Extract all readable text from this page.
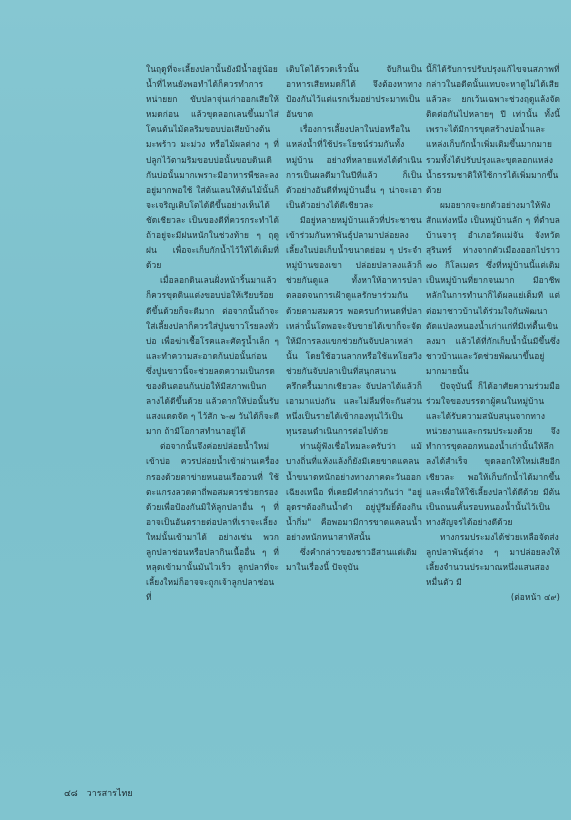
ในฤดูที่จะเลี้ยงปลานั้นยังมีน้ำอยู่น้อย น้ำที่ไหนยังพอทำได้ก็ควรทำการหน่ายยก ขับปลาจุ่นเก่าออกเสียให้หมดก่อน แล้วขุดลอกเลนขึ้นมาไส่โคนต้นไม้ตลริมขอบบ่อเสียบ้างต้นมะพร้าว มะม่วง หรือไม้ผลต่าง ๆ ที่ปลูกไว้ตามริมขอบบ่อนั้นขอบดินเดิกันบ่อนั้นมากเพราะมีอาหารพืชละลงอยู่มากพอใช้ ใส่ต้นเลนให้ต้นไม้นั้นก็จะเจริญเติบโตได้ดีขึ้นอย่างเห็นได้ชัดเชียวละ เป็นของดีที่ควรกระทำได้ถ้าอยู่จะมีฝนหนักในช่วงท้าย ๆ ฤดูฝน เพื่อจะเก็บกักน้ำไว้ให้ได้เต็มที่ด้วย

เมื่อลอกดินเลนฝั่งหน้าริ้นมาแล้ว ก็ควรขุดดินแต่งขอบบ่อให้เรียบร้อยดีขึ้นด้วยก็จะดีมาก ต่อจากนั้นถ้าจะใส่เลี้ยงปลาก็ควรใส่ปูนขาวโรยลงทั่วบ่อ เพื่อฆ่าเชื้อโรคและศัตรูน้ำเล็ก ๆ และทำความสะอาดก้นบ่อนั้นก่อน ซึ่งปูนขาวนี้จะช่วยลดความเป็นกรดของดินตอนก้นบ่อให้มีสภาพเป็นกลางได้ดีขึ้นด้วย แล้วตากให้บ่อนั้นรับแสงแดดจัด ๆ ไว้สัก ๖-๗ วันได้ก็จะดีมาก ถ้ามีโอกาสทำนาอยู่ได้

ต่อจากนั้นจึงค่อยปล่อยน้ำใหม่เข้าบ่อ ควรปล่อยน้ำเข้าผ่านเครื่องกรองด้วยตาข่ายหนอนเรืออวนที่ ใช้ตะแกรงลวดตาถี่พอสมควรช่วยกรองด้วยเพื่อป้องกันมิให้ลูกปลาอื่น ๆ ที่อาจเป็นอันตรายต่อปลาที่เราจะเลี้ยงใหม่นั้นเข้ามาได้ อย่างเช่น พวกลูกปลาช่อนหรือปลากินเนื้ออื่น ๆ ที่หลุดเข้ามานั้นมันไวเร็ว ลูกปลาที่จะเลี้ยงใหม่ก็อาจจะถูกเจ้าลูกปลาช่อนที่

เติบโตได้รวดเร็วนั้น จับกินเป็นอาหารเสียหมดก็ได้ จึงต้องหาทางป้องกันไว้แต่แรกเริ่มอย่าประมาทเป็นอันขาด

เรื่องการเลี้ยงปลาในบ่อหรือในแหล่งน้ำที่ใช้ประโยชน์ร่วมกันทั้งหมู่บ้าน อย่างที่หลายแห่งได้ดำเนินการเป็นผลดีมาในปีที่แล้ว ก็เป็นตัวอย่างอันดีที่หมู่บ้านอื่น ๆ น่าจะเอาเป็นตัวอย่างได้ดีเชียวละ

มีอยู่หลายหมู่บ้านแล้วที่ประชาชนเข้าร่วมกันหาพันธุ์ปลามาปล่อยลงเลี้ยงในบ่อเก็บน้ำขนาดย่อม ๆ ประจำหมู่บ้านของเขา ปล่อยปลาลงแล้วก็ช่วยกันดูแล ทั้งหาให้อาหารปลา ตลอดจนการเฝ้าดูแลรักษาร่วมกันด้วยตามสมควร พอครบกำหนดที่ปลาเหล่านั้นโตพอจะจับขายได้เขาก็จะจัดให้มีการลงแขกช่วยกันจับปลาเหล่านั้น โดยใช้อวนลากหรือใช้แหโยสวิง ช่วยกันจับปลาเป็นที่สนุกสนานครึกครื้นมากเชียวละ จับปลาได้แล้วก็เอามาแบ่งกัน และไม่ลืมที่จะกันส่วนหนึ่งเป็นรายได้เข้ากองทุนไว้เป็นทุนรอนดำเนินการต่อไปด้วย

ท่านผู้ฟังเชื่อไหมละครับว่า แม้บางถิ่นที่แห้งแล้งก็ยังมีเคยขาดแคลนน้ำขนาดหนักอย่างทางภาคตะวันออกเฉียงเหนือ ที่เคยมีคำกล่าวกันว่า "อยู่อุดรฯต้องกินน้ำดำ อยู่ปู่รีมยิ์ต้องกินน้ำกิ่ม" คือพอมามีการขาดแคลนน้ำอย่างหนักหนาสาหัสนั้น

ซึ่งคำกล่าวของชาวอีสานแต่เดิมมาในเรื่องนี้ ปัจจุบัน

นี้ก็ได้รับการปรับปรุงแก้ไขจนสภาพที่กล่าวในอดีตนั้นแทบจะหาดูไม่ได้เสียแล้วละ ยกเว้นเฉพาะช่วงฤดูแล้งจัดติดต่อกันไปหลายๆ ปี เท่านั้น ทั้งนี้เพราะได้มีการขุดสร้างบ่อน้ำและแหล่งเก็บกักน้ำเพิ่มเติมขึ้นมากมาย รวมทั้งได้ปรับปรุงและขุดลอกแหล่งน้ำธรรมชาติให้ใช้การได้เพิ่มมากขึ้นด้วย

ผมอยากจะยกตัวอย่างมาให้ฟังสักแห่งหนึ่ง เป็นหมู่บ้านลัก ๆ ที่ตำบลบ้านจารุ อำเภอวัดแม่จัน จังหวัดสุรินทร์ ห่างจากตัวเมืองออกไปราว ๗๐ กิโลเมตร ซึ่งที่หมู่บ้านนี้แต่เดิมเป็นหมู่บ้านที่ยากจนมาก มีอาชีพหลักในการทำนาก็ได้ผลแย่เต็มที แต่ต่อมาชาวบ้านได้ร่วมใจกันพัฒนา ตัดแปลงหนองน้ำเก่าแก่ที่มีเท่ตื้นเขินลงมา แล้วได้ที่กักเก็บน้ำนั้นมีขึ้นซึ่งชาวบ้านและวัดช่วยพัฒนาขึ้นอยู่มากมายนั้น

ปัจจุบันนี้ ก็ได้อาศัยความร่วมมือร่วมใจของบรรดาผู้คนในหมู่บ้าน และได้รับความสนับสนุนจากทางหน่วยงานและกรมประมงด้วย จึงทำการขุดลอกหนองน้ำเก่านั้นให้ลึกลงได้สำเร็จ ขุดลอกให้ใหม่เสียอีกเชียวละ พอให้เก็บกักน้ำได้มากขึ้น และเพื่อให้ใช้เลี้ยงปลาได้ดีด้วย มีต้นเป็นถนนคั้นรอบหนองน้ำนั้นไว้เป็นทางสัญจรได้อย่างดีด้วย

ทางกรมประมงได้ช่วยเหลือจัดส่งลูกปลาพันธุ์ต่าง ๆ มาปล่อยลงให้เลี้ยงจำนวนประมาณหนึ่งแสนสองหมื่นตัว มี

(ต่อหน้า ๔๙)

๔๘ วารสารไทย
